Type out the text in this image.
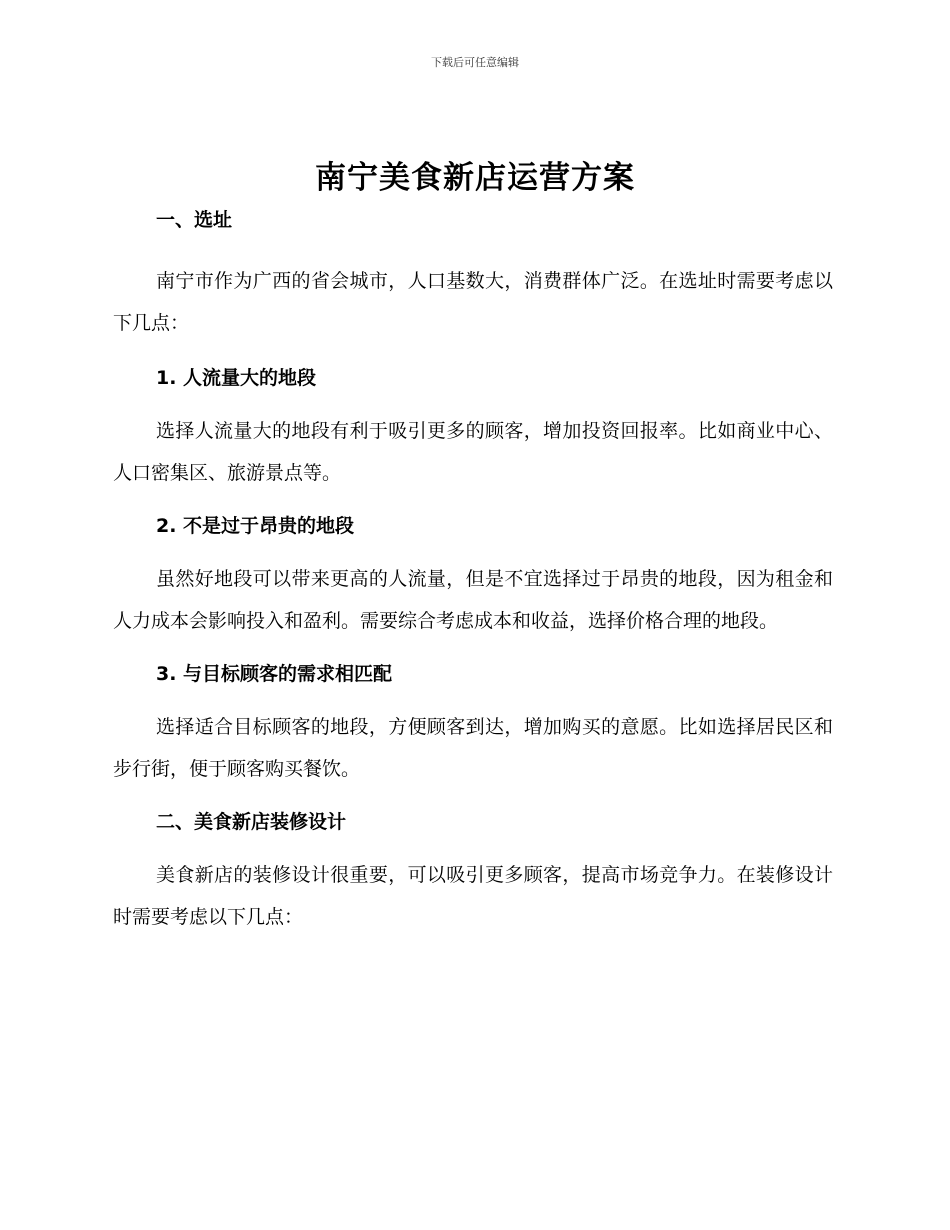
下载后可任意编辑
南宁美食新店运营方案

一、选址

南宁市作为广西的省会城市，人口基数大，消费群体广泛。在选址时需要考虑以下几点：

1. 人流量大的地段

选择人流量大的地段有利于吸引更多的顾客，增加投资回报率。比如商业中心、人口密集区、旅游景点等。

2. 不是过于昂贵的地段

虽然好地段可以带来更高的人流量，但是不宜选择过于昂贵的地段，因为租金和人力成本会影响投入和盈利。需要综合考虑成本和收益，选择价格合理的地段。

3. 与目标顾客的需求相匹配

选择适合目标顾客的地段，方便顾客到达，增加购买的意愿。比如选择居民区和步行街，便于顾客购买餐饮。

二、美食新店装修设计

美食新店的装修设计很重要，可以吸引更多顾客，提高市场竞争力。在装修设计时需要考虑以下几点：
